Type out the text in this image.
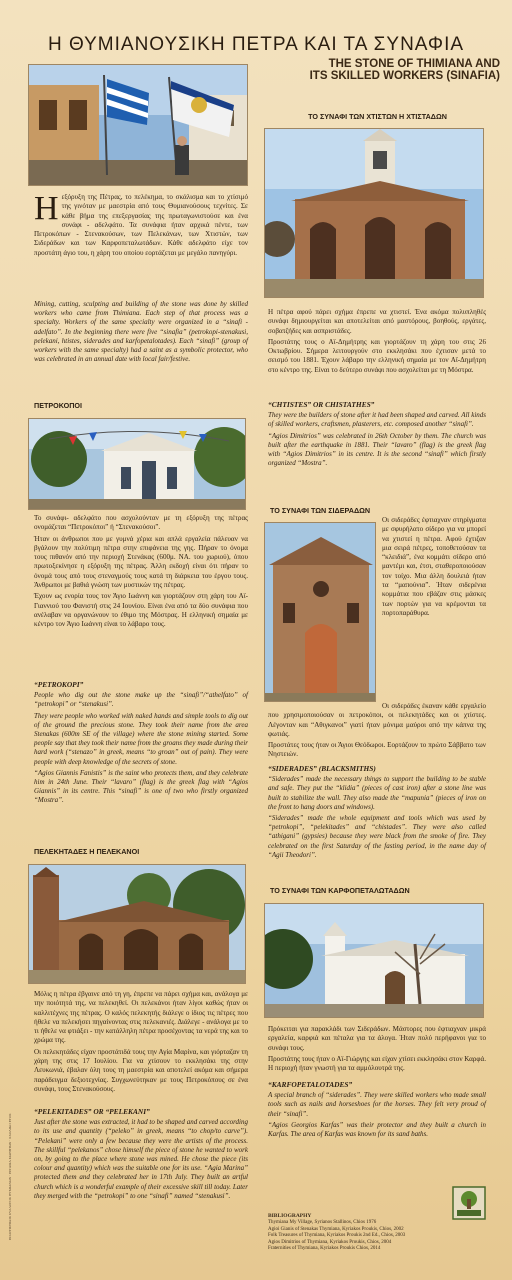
Η ΘΥΜΙΑΝΟΥΣΙΚΗ ΠΕΤΡΑ ΚΑΙ ΤΑ ΣΥΝΑΦΙΑ
THE STONE OF THIMIANA AND
ITS SKILLED WORKERS (SINAFIA)
Η εξόρυξη της Πέτρας, το πελέκημα, το σκάλισμα και το χτίσιμό της γινόταν με μαεστρία από τους Θυμιανούσους τεχνίτες. Σε κάθε βήμα της επεξεργασίας της πρωταγωνιστούσε και ένα συνάφι - αδελφάτο. Τα συνάφια ήταν αρχικά πέντε, των Πετροκόπων - Στενακούσων, των Πελεκάνων, των Χτιστών, των Σιδεράδων και των Καρφοπεταλωτάδων. Κάθε αδελφάτο είχε τον προστάτη άγιο του, η χάρη του οποίου εορτάζεται με μεγάλο πανηγύρι.
Mining, cutting, sculpting and building of the stone was done by skilled workers who came from Thimiana. Each step of that process was a specialty. Workers of the same specialty were organized in a “sinafi - adelfato”. In the beginning there were five “sinafia” (petrokopi-stenakusi, pelekani, htistes, siderades and karfopetalotades). Each “sinafi” (group of workers with the same specialty) had a saint as a symbolic protector, who was celebrated in an annual date with local fair/festive.
ΠΕΤΡΟΚΟΠΟΙ

Το συνάφι- αδελφάτο που ασχολούνταν με τη εξόρυξη της πέτρας ονομάζεται “Πετροκόποι” ή “Στενακούσοι”.

Ήταν οι άνθρωποι που με γυμνά χέρια και απλά εργαλεία πάλευαν να βγάλουν την πολύτιμη πέτρα στην επιφάνεια της γης. Πήραν το όνομα τους πιθανόν από την περιοχή Στενάκας (600μ. ΝΑ. του χωριού), όπου πρωτοξεκίνησε η εξόρυξη της πέτρας. Άλλη εκδοχή είναι ότι πήραν το όνομά τους από τους στεναγμούς τους κατά τη διάρκεια του έργου τους. Άνθρωποι με βαθιά γνώση των μυστικών της πέτρας.

Έχουν ως ενορία τους τον Άγιο Ιωάννη και γιορτάζουν στη χάρη του Αϊ-Γιαννιού του Φανιστή στις 24 Ιουνίου. Είναι ένα από τα δύο συνάφια που ανέλαβαν να οργανώνουν το έθιμο της Μόστρας. Η ελληνική σημαία με κέντρο τον Άγιο Ιωάννη είναι το λάβαρο τους.

“PETROKOPI”

People who dig out the stone make up the “sinafi”/“athelfato” of “petrokopi” or “stenakusi”.

They were people who worked with naked hands and simple tools to dig out of the ground the precious stone. They took their name from the area Stenakas (600m SE of the village) where the stone mining started. Some people say that they took their name from the groans they made during their hard work (“stenazo” in greek, means “to groan” out of pain). They were people with deep knowledge of the secrets of stone.

“Agios Giannis Fanistis” is the saint who protects them, and they celebrate him in 24th June. Their “lavaro” (flag) is the greek flag with “Agios Giannis” in its centre. This “sinafi” is one of two who firstly organized “Mostra”.

ΠΕΛΕΚΗΤΑΔΕΣ Η ΠΕΛΕΚΑΝΟΙ

Μόλις η πέτρα έβγαινε από τη γη, έπρεπε να πάρει σχήμα και, ανάλογα με την ποιότητά της, να πελεκηθεί. Οι πελεκάνοι ήταν λίγοι καθώς ήταν οι καλλιτέχνες της πέτρας. Ο καλός πελεκητής διάλεγε ο ίδιος τις πέτρες που ήθελε να πελεκήσει πηγαίνοντας στις πελεκανιές. Διάλεγε - ανάλογα με το τι ήθελε να φτιάξει - την κατάλληλη πέτρα προσέχοντας τα νερά της και το χρώμα της.

Οι πελεκητάδες είχαν προστάτιδά τους την Αγία Μαρίνα, και γιόρταζαν τη χάρη της στις 17 Ιουλίου. Για να χτίσουν το εκκλησάκι της στην Λευκωνιά, έβαλαν όλη τους τη μαεστρία και αποτελεί ακόμα και σήμερα παράδειγμα δεξιοτεχνίας. Συγχωνεύτηκαν με τους Πετροκόπους σε ένα συνάφι, τους Στενακούσους.

“PELEKITADES” OR “PELEKANI”

Just after the stone was extracted, it had to be shaped and carved according to its use and quantity (“peleko” in greek, means “to chop/to carve”). “Pelekani” were only a few because they were the artists of the process. The skillful “pelekanos” chose himself the piece of stone he wanted to work on, by going to the place where stone was mined. He chose the piece (its colour and quantity) which was the suitable one for its use. “Agia Marina” protected them and they celebrated her in 17th July. They built an artful church which is a wonderful example of their excessive skill till today. Later they merged with the “petrokopi” to one “sinafi” named “stenakusi”.

ΤΟ ΣΥΝΑΦΙ ΤΩΝ ΧΤΙΣΤΩΝ Η ΧΤΙΣΤΑΔΩΝ

Η πέτρα αφού πάρει σχήμα έπρεπε να χτιστεί. Ένα ακόμα πολυπληθές συνάφι δημιουργείται και αποτελείται από μαστόρους, βοηθούς, εργάτες, σοβατζήδες και ασπριστάδες.

Προστάτης τους ο Αϊ-Δημήτρης και γιορτάζουν τη χάρη του στις 26 Οκτωβρίου. Σήμερα λειτουργούν στο εκκλησάκι που έχτισαν μετά το σεισμό του 1881. Έχουν λάβαρο την ελληνική σημαία με τον Αϊ-Δημήτρη στο κέντρο της. Είναι το δεύτερο συνάφι που ασχολείται με τη Μόστρα.

“CHTISTES” OR CHISTATHES”

They were the builders of stone after it had been shaped and carved. All kinds of skilled workers, craftsmen, plasterers, etc. composed another “sinafi”.

“Agios Dimitrios” was celebrated in 26th October by them. The church was built after the earthquake in 1881. Their “lavaro” (flag) is the greek flag with “Agios Dimitrios” in its centre. It is the second “sinafi” which firstly organized “Mostra”.

ΤΟ ΣΥΝΑΦΙ ΤΩΝ ΣΙΔΕΡΑΔΩΝ
Οι σιδεράδες έφτιαχναν στηρίγματα με σφυρήλατο σίδερο για να μπορεί να χτιστεί η πέτρα. Αφού έχτιζαν μια σειρά πέτρες, τοποθετούσαν τα “κλειδιά”, ένα κομμάτι σίδερο από μαντέμι και, έτσι, σταθεροποιούσαν τον τοίχο. Μια άλλη δουλειά ήταν τα “μαπούνια”. Ήταν σιδερένια κομμάτια που εβάζαν στις μάσκες των πορτών για να κρέμονται τα πορτοπαράθυρα.

Οι σιδεράδες έκαναν κάθε εργαλείο που χρησιμοποιούσαν οι πετροκόποι, οι πελεκητάδες και οι χτίστες. Λέγονταν και “Αθιγκανοι” γιατί ήταν μόνιμα μαύροι από την κάπνα της φωτιάς.

Προστάτες τους ήταν οι Άγιοι Θεόδωροι. Εορτάζουν το πρώτο Σάββατο των Νηστειών.

“SIDERADES” (BLACKSMITHS)

“Siderades” made the necessary things to support the building to be stable and safe. They put the “klidia” (pieces of cast iron) after a stone line was built to stabilize the wall. They also made the “mapunia” (pieces of iron on the front to hang doors and windows).

“Siderades” made the whole equipment and tools which was used by “petrokopi”, “pelekitades” and “chistades”. They were also called “athigani” (gypsies) because they were black from the smoke of fire. They celebrated on the first Saturday of the fasting period, in the name day of “Agii Theodori”.

ΤΟ ΣΥΝΑΦΙ ΤΩΝ ΚΑΡΦΟΠΕΤΑΛΩΤΑΔΩΝ

Πρόκειται για παρακλάδι των Σιδεράδων. Μάστορες που έφτιαχναν μικρά εργαλεία, καρφιά και πέταλα για τα άλογα. Ήταν πολύ περήφανοι για το συνάφι τους.

Προστάτης τους ήταν ο Αϊ-Γιώργης και είχαν χτίσει εκκλησάκι στον Καρφά. Η περιοχή ήταν γνωστή για τα αμμόλουτρά της.

“KARFOPETALOTADES”

A special branch of “siderades”. They were skilled workers who made small tools such as nails and horseshoes for the horses. They felt very proud of their “sinafi”.

“Agios Georgios Karfas” was their protector and they built a church in Karfas. The area of Karfas was known for its sand baths.

BIBLIOGRAPHY
Thymiana My Village, Syrianos Stallinos, Chios 1976
Agioi Gianis of Stenakas Thymiana, Kyriakos Proukis, Chios, 2002
Folk Treasures of Thymiana, Kyriakos Proukis 2nd Ed., Chios, 2003
Agios Dimitrios of Thymiana, Kyriakos Proukis, Chios, 2004
Fraternities of Thymiana, Kyriakos Proukis Chios, 2014
ΠΟΛΙΤΙΣΤΙΚΟΣ ΣΥΛΛΟΓΟΣ ΘΥΜΙΑΝΩΝ · ΕΡΓΑΣΙΑ ΜΑΘΗΤΩΝ · ΣΧΟΛΙΚΟ ΕΤΟΣ
